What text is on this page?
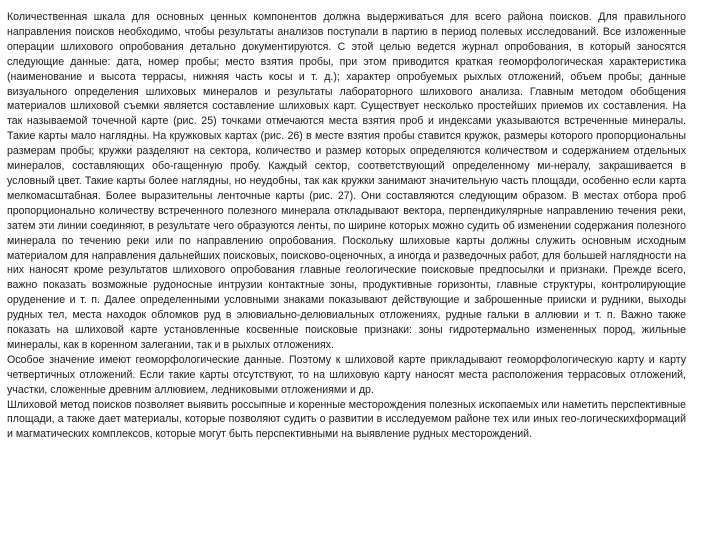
Количественная шкала для основных ценных компонентов должна выдерживаться для всего района поисков. Для правильного направления поисков необходимо, чтобы результаты анализов поступали в партию в период полевых исследований. Все изложенные операции шлихового опробования детально документируются. С этой целью ведется журнал опробования, в который заносятся следующие данные: дата, номер пробы; место взятия пробы, при этом приводится краткая геоморфологическая характеристика (наименование и высота террасы, нижняя часть косы и т. д.); характер опробуемых рыхлых отложений, объем пробы; данные визуального определения шлиховых минералов и результаты лабораторного шлихового анализа. Главным методом обобщения материалов шлиховой съемки является составление шлиховых карт. Существует несколько простейших приемов их составления. На так называемой точечной карте (рис. 25) точками отмечаются места взятия проб и индексами указываются встреченные минералы. Такие карты мало наглядны. На кружковых картах (рис. 26) в месте взятия пробы ставится кружок, размеры которого пропорциональны размерам пробы; кружки разделяют на сектора, количество и размер которых определяются количеством и содержанием отдельных минералов, составляющих обо-гащенную пробу. Каждый сектор, соответствующий определенному ми-нералу, закрашивается в условный цвет. Такие карты более наглядны, но неудобны, так как кружки занимают значительную часть площади, особенно если карта мелкомасштабная. Более выразительны ленточные карты (рис. 27). Они составляются следующим образом. В местах отбора проб пропорционально количеству встреченного полезного минерала откладывают вектора, перпендикулярные направлению течения реки, затем эти линии соединяют, в результате чего образуются ленты, по ширине которых можно судить об изменении содержания полезного минерала по течению реки или по направлению опробования. Поскольку шлиховые карты должны служить основным исходным материалом для направления дальнейших поисковых, поисково-оценочных, а иногда и разведочных работ, для большей наглядности на них наносят кроме результатов шлихового опробования главные геологические поисковые предпосылки и признаки. Прежде всего, важно показать возможные рудоносные интрузии контактные зоны, продуктивные горизонты, главные структуры, контролирующие оруденение и т. п. Далее определенными условными знаками показывают действующие и заброшенные прииски и рудники, выходы рудных тел, места находок обломков руд в элювиально-делювиальных отложениях, рудные гальки в аллювии и т. п. Важно также показать на шлиховой карте установленные косвенные поисковые признаки: зоны гидротермально измененных пород, жильные минералы, как в коренном залегании, так и в рыхлых отложениях.

Особое значение имеют геоморфологические данные. Поэтому к шлиховой карте прикладывают геоморфологическую карту и карту четвертичных отложений. Если такие карты отсутствуют, то на шлиховую карту наносят места расположения террасовых отложений, участки, сложенные древним аллювием, ледниковыми отложениями и др.

Шлиховой метод поисков позволяет выявить россыпные и коренные месторождения полезных ископаемых или наметить перспективные площади, а также дает материалы, которые позволяют судить о развитии в исследуемом районе тех или иных гео-логическихформаций и магматических комплексов, которые могут быть перспективными на выявление рудных месторождений.
